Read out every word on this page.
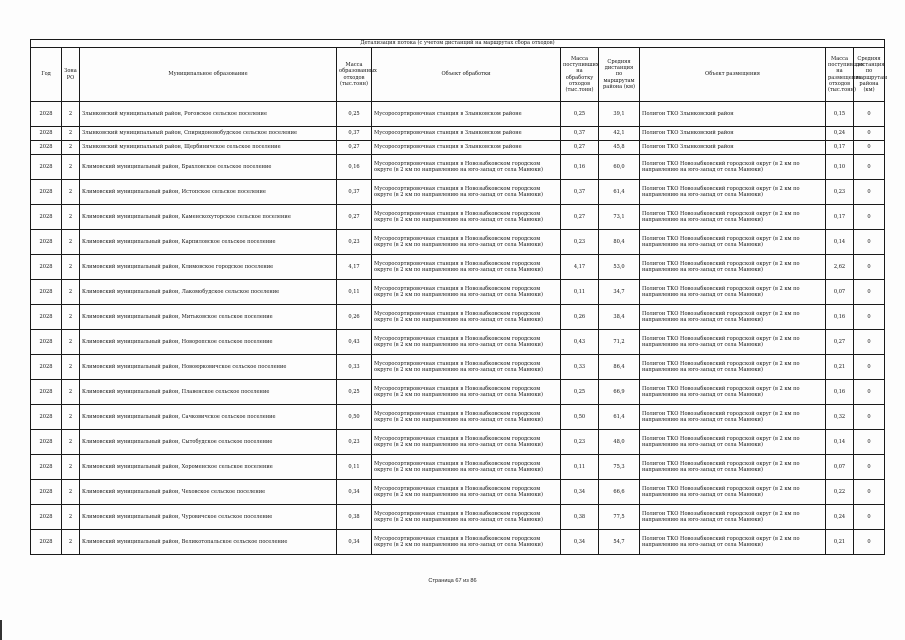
Детализация потока (с учетом дистанций на маршрутах сбора отходов)									
Год	Зона РО	Муниципальное образование	Масса образованных отходов (тыс.тонн)	Объект обработки	Масса поступивших на обработку отходов (тыс.тонн)	Средняя дистанция по маршрутам района (км)	Объект размещения	Масса поступивших на размещение отходов (тыс.тонн)	Средняя дистанция по маршрутам района (км)
2028	2	Злынковский муниципальный район, Роговское сельское поселение	0,25	Мусоросортировочная станция в Злынковском районе	0,25	39,1	Полигон ТКО Злынковский район	0,15	0
2028	2	Злынковский муниципальный район, Спиридоновобудское сельское поселение	0,37	Мусоросортировочная станция в Злынковском районе	0,37	42,1	Полигон ТКО Злынковский район	0,24	0
2028	2	Злынковский муниципальный район, Щербиничское сельское поселение	0,27	Мусоросортировочная станция в Злынковском районе	0,27	45,8	Полигон ТКО Злынковский район	0,17	0
2028	2	Климовский муниципальный район, Брахловское сельское поселение	0,16	Мусоросортировочная станция в Новозыбковском городском округе (в 2 км по направлению на юго-запад от села Манюки)	0,16	60,0	Полигон ТКО Новозыбковский городской округ (в 2 км по направлению на юго-запад от села Манюки)	0,10	0
2028	2	Климовский муниципальный район, Истопское сельское поселение	0,37	Мусоросортировочная станция в Новозыбковском городском округе (в 2 км по направлению на юго-запад от села Манюки)	0,37	61,4	Полигон ТКО Новозыбковский городской округ (в 2 км по направлению на юго-запад от села Манюки)	0,23	0
2028	2	Климовский муниципальный район, Каменскохуторское сельское поселение	0,27	Мусоросортировочная станция в Новозыбковском городском округе (в 2 км по направлению на юго-запад от села Манюки)	0,27	73,1	Полигон ТКО Новозыбковский городской округ (в 2 км по направлению на юго-запад от села Манюки)	0,17	0
2028	2	Климовский муниципальный район, Карпиловское сельское поселение	0,23	Мусоросортировочная станция в Новозыбковском городском округе (в 2 км по направлению на юго-запад от села Манюки)	0,23	80,4	Полигон ТКО Новозыбковский городской округ (в 2 км по направлению на юго-запад от села Манюки)	0,14	0
2028	2	Климовский муниципальный район, Климовское городское поселение	4,17	Мусоросортировочная станция в Новозыбковском городском округе (в 2 км по направлению на юго-запад от села Манюки)	4,17	53,0	Полигон ТКО Новозыбковский городской округ (в 2 км по направлению на юго-запад от села Манюки)	2,62	0
2028	2	Климовский муниципальный район, Лакомобудское сельское поселение	0,11	Мусоросортировочная станция в Новозыбковском городском округе (в 2 км по направлению на юго-запад от села Манюки)	0,11	34,7	Полигон ТКО Новозыбковский городской округ (в 2 км по направлению на юго-запад от села Манюки)	0,07	0
2028	2	Климовский муниципальный район, Митьковское сельское поселение	0,26	Мусоросортировочная станция в Новозыбковском городском округе (в 2 км по направлению на юго-запад от села Манюки)	0,26	38,4	Полигон ТКО Новозыбковский городской округ (в 2 км по направлению на юго-запад от села Манюки)	0,16	0
2028	2	Климовский муниципальный район, Новоропское сельское поселение	0,43	Мусоросортировочная станция в Новозыбковском городском округе (в 2 км по направлению на юго-запад от села Манюки)	0,43	71,2	Полигон ТКО Новозыбковский городской округ (в 2 км по направлению на юго-запад от села Манюки)	0,27	0
2028	2	Климовский муниципальный район, Новоюрковичское сельское поселение	0,33	Мусоросортировочная станция в Новозыбковском городском округе (в 2 км по направлению на юго-запад от села Манюки)	0,33	86,4	Полигон ТКО Новозыбковский городской округ (в 2 км по направлению на юго-запад от села Манюки)	0,21	0
2028	2	Климовский муниципальный район, Плавенское сельское поселение	0,25	Мусоросортировочная станция в Новозыбковском городском округе (в 2 км по направлению на юго-запад от села Манюки)	0,25	66,9	Полигон ТКО Новозыбковский городской округ (в 2 км по направлению на юго-запад от села Манюки)	0,16	0
2028	2	Климовский муниципальный район, Сачковичское сельское поселение	0,50	Мусоросортировочная станция в Новозыбковском городском округе (в 2 км по направлению на юго-запад от села Манюки)	0,50	61,4	Полигон ТКО Новозыбковский городской округ (в 2 км по направлению на юго-запад от села Манюки)	0,32	0
2028	2	Климовский муниципальный район, Сытобудское сельское поселение	0,23	Мусоросортировочная станция в Новозыбковском городском округе (в 2 км по направлению на юго-запад от села Манюки)	0,23	48,0	Полигон ТКО Новозыбковский городской округ (в 2 км по направлению на юго-запад от села Манюки)	0,14	0
2028	2	Климовский муниципальный район, Хороменское сельское поселение	0,11	Мусоросортировочная станция в Новозыбковском городском округе (в 2 км по направлению на юго-запад от села Манюки)	0,11	75,3	Полигон ТКО Новозыбковский городской округ (в 2 км по направлению на юго-запад от села Манюки)	0,07	0
2028	2	Климовский муниципальный район, Чеховское сельское поселение	0,34	Мусоросортировочная станция в Новозыбковском городском округе (в 2 км по направлению на юго-запад от села Манюки)	0,34	66,6	Полигон ТКО Новозыбковский городской округ (в 2 км по направлению на юго-запад от села Манюки)	0,22	0
2028	2	Климовский муниципальный район, Чуровичское сельское поселение	0,38	Мусоросортировочная станция в Новозыбковском городском округе (в 2 км по направлению на юго-запад от села Манюки)	0,38	77,5	Полигон ТКО Новозыбковский городской округ (в 2 км по направлению на юго-запад от села Манюки)	0,24	0
2028	2	Климовский муниципальный район, Великотопальское сельское поселение	0,34	Мусоросортировочная станция в Новозыбковском городском округе (в 2 км по направлению на юго-запад от села Манюки)	0,34	54,7	Полигон ТКО Новозыбковский городской округ (в 2 км по направлению на юго-запад от села Манюки)	0,21	0
Страница 67 из 86
